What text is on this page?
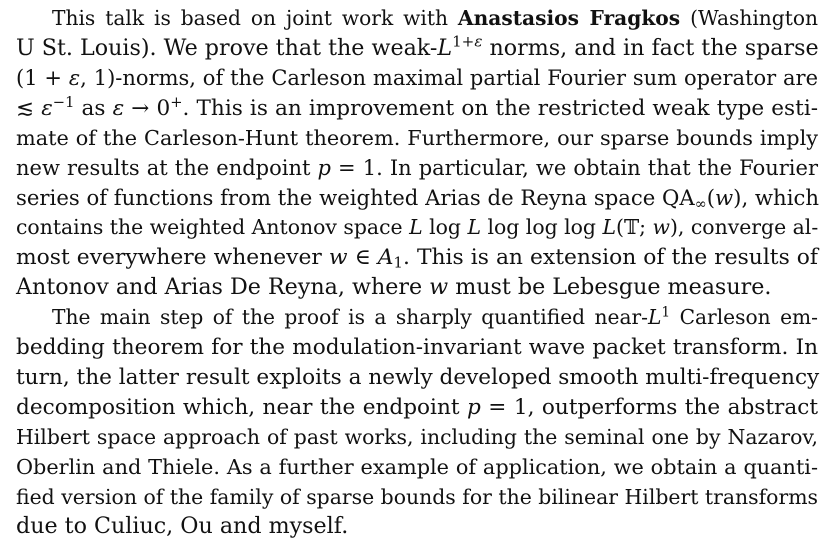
This talk is based on joint work with Anastasios Fragkos (Washington
U St. Louis). We prove that the weak-$L^{1+\varepsilon}$ norms, and in fact the sparse
(1 + ε, 1)-norms, of the Carleson maximal partial Fourier sum operator are
≲ $\varepsilon^{-1}$ as ε → 0+. This is an improvement on the restricted weak type esti-
mate of the Carleson-Hunt theorem. Furthermore, our sparse bounds imply
new results at the endpoint p = 1. In particular, we obtain that the Fourier
series of functions from the weighted Arias de Reyna space $QA_\infty(w)$, which
contains the weighted Antonov space L log L log log log L(𝕋; w), converge al-
most everywhere whenever w ∈ $A_1$. This is an extension of the results of
Antonov and Arias De Reyna, where w must be Lebesgue measure.

The main step of the proof is a sharply quantified near-$L^1$ Carleson em-
bedding theorem for the modulation-invariant wave packet transform. In
turn, the latter result exploits a newly developed smooth multi-frequency
decomposition which, near the endpoint p = 1, outperforms the abstract
Hilbert space approach of past works, including the seminal one by Nazarov,
Oberlin and Thiele. As a further example of application, we obtain a quanti-
fied version of the family of sparse bounds for the bilinear Hilbert transforms
due to Culiuc, Ou and myself.
